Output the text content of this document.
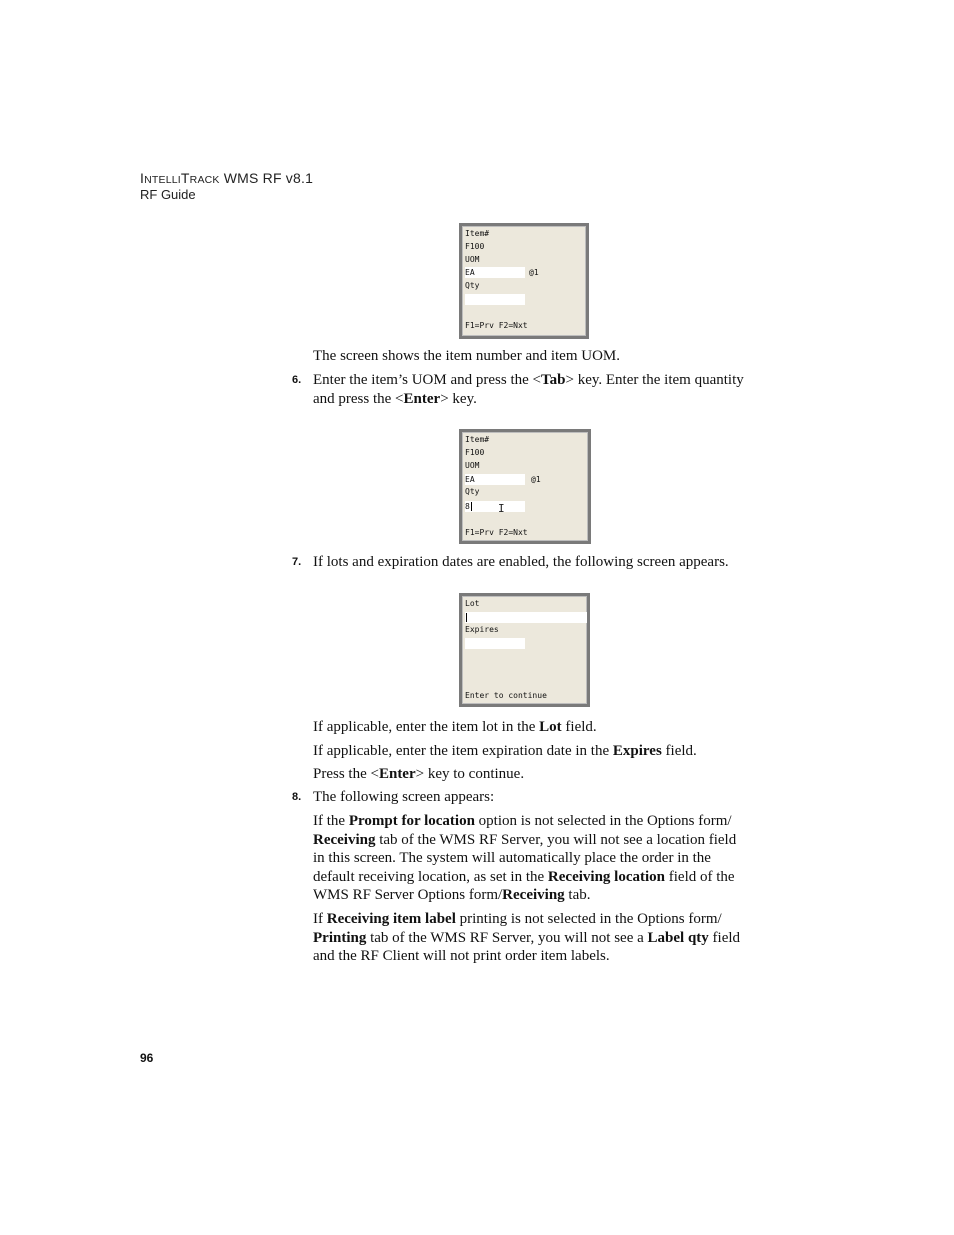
INTELLITRACK WMS RF v8.1
RF Guide
Item#
F100
UOM
EA	@1
Qty
F1=Prv F2=Nxt
The screen shows the item number and item UOM.
6. Enter the item’s UOM and press the <Tab> key. Enter the item quantity
and press the <Enter> key.
Item#
F100
UOM
EA	@1
Qty
8	I
F1=Prv F2=Nxt
7. If lots and expiration dates are enabled, the following screen appears.
Lot
Expires
Enter to continue
If applicable, enter the item lot in the Lot field.
If applicable, enter the item expiration date in the Expires field.
Press the <Enter> key to continue.
8. The following screen appears:
If the Prompt for location option is not selected in the Options form/
Receiving tab of the WMS RF Server, you will not see a location field
in this screen. The system will automatically place the order in the
default receiving location, as set in the Receiving location field of the
WMS RF Server Options form/Receiving tab.
If Receiving item label printing is not selected in the Options form/
Printing tab of the WMS RF Server, you will not see a Label qty field
and the RF Client will not print order item labels.
96
